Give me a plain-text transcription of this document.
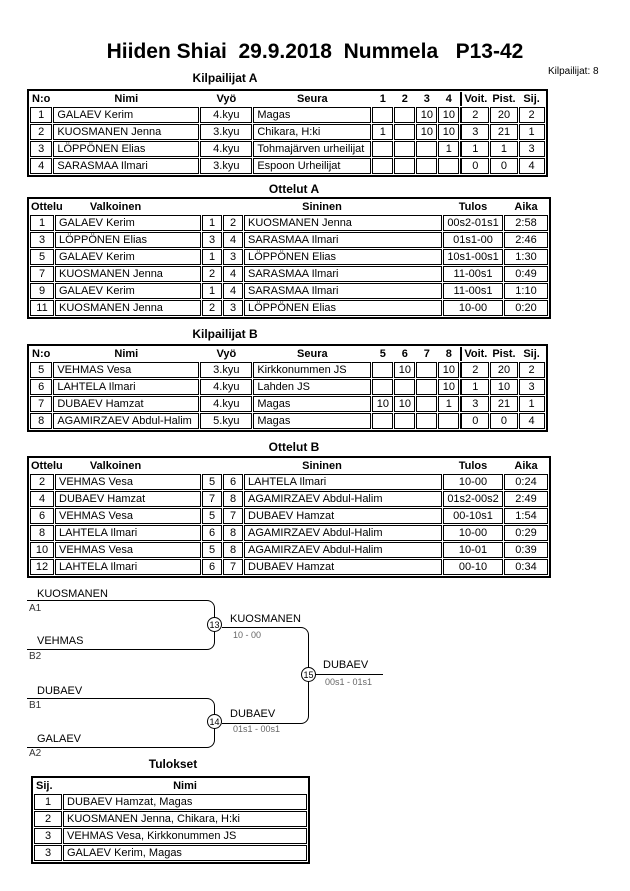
Hiiden Shiai  29.9.2018  Nummela   P13-42
Kilpailijat: 8
Kilpailijat A
N:o	Nimi	Vyö	Seura	1	2	3	4	Voit.	Pist.	Sij.
1	GALAEV Kerim	4.kyu	Magas			10	10	2	20	2
2	KUOSMANEN Jenna	3.kyu	Chikara, H:ki	1		10	10	3	21	1
3	LÖPPÖNEN Elias	4.kyu	Tohmajärven urheilijat				1	1	1	3
4	SARASMAA Ilmari	3.kyu	Espoon Urheilijat					0	0	4
Ottelut A
Ottelu Valkoinen		Sininen			Tulos	Aika
1	GALAEV Kerim	1	2	KUOSMANEN Jenna	00s2-01s1	2:58
3	LÖPPÖNEN Elias	3	4	SARASMAA Ilmari	01s1-00	2:46
5	GALAEV Kerim	1	3	LÖPPÖNEN Elias	10s1-00s1	1:30
7	KUOSMANEN Jenna	2	4	SARASMAA Ilmari	11-00s1	0:49
9	GALAEV Kerim	1	4	SARASMAA Ilmari	11-00s1	1:10
11	KUOSMANEN Jenna	2	3	LÖPPÖNEN Elias	10-00	0:20
Kilpailijat B
N:o	Nimi	Vyö	Seura	5	6	7	8	Voit.	Pist.	Sij.
5	VEHMAS Vesa	3.kyu	Kirkkonummen JS		10		10	2	20	2
6	LAHTELA Ilmari	4.kyu	Lahden JS				10	1	10	3
7	DUBAEV Hamzat	4.kyu	Magas	10	10		1	3	21	1
8	AGAMIRZAEV Abdul-Halim	5.kyu	Magas					0	0	4
Ottelut B
Ottelu Valkoinen		Sininen			Tulos	Aika
2	VEHMAS Vesa	5	6	LAHTELA Ilmari	10-00	0:24
4	DUBAEV Hamzat	7	8	AGAMIRZAEV Abdul-Halim	01s2-00s2	2:49
6	VEHMAS Vesa	5	7	DUBAEV Hamzat	00-10s1	1:54
8	LAHTELA Ilmari	6	8	AGAMIRZAEV Abdul-Halim	10-00	0:29
10	VEHMAS Vesa	5	8	AGAMIRZAEV Abdul-Halim	10-01	0:39
12	LAHTELA Ilmari	6	7	DUBAEV Hamzat	00-10	0:34
KUOSMANEN
A1
VEHMAS
B2
13 KUOSMANEN
10 - 00
DUBAEV
B1
GALAEV
A2
14
DUBAEV
01s1 - 00s1
15
DUBAEV
00s1 - 01s1
Tulokset
Sij.	Nimi
1	DUBAEV Hamzat, Magas
2	KUOSMANEN Jenna, Chikara, H:ki
3	VEHMAS Vesa, Kirkkonummen JS
3	GALAEV Kerim, Magas
